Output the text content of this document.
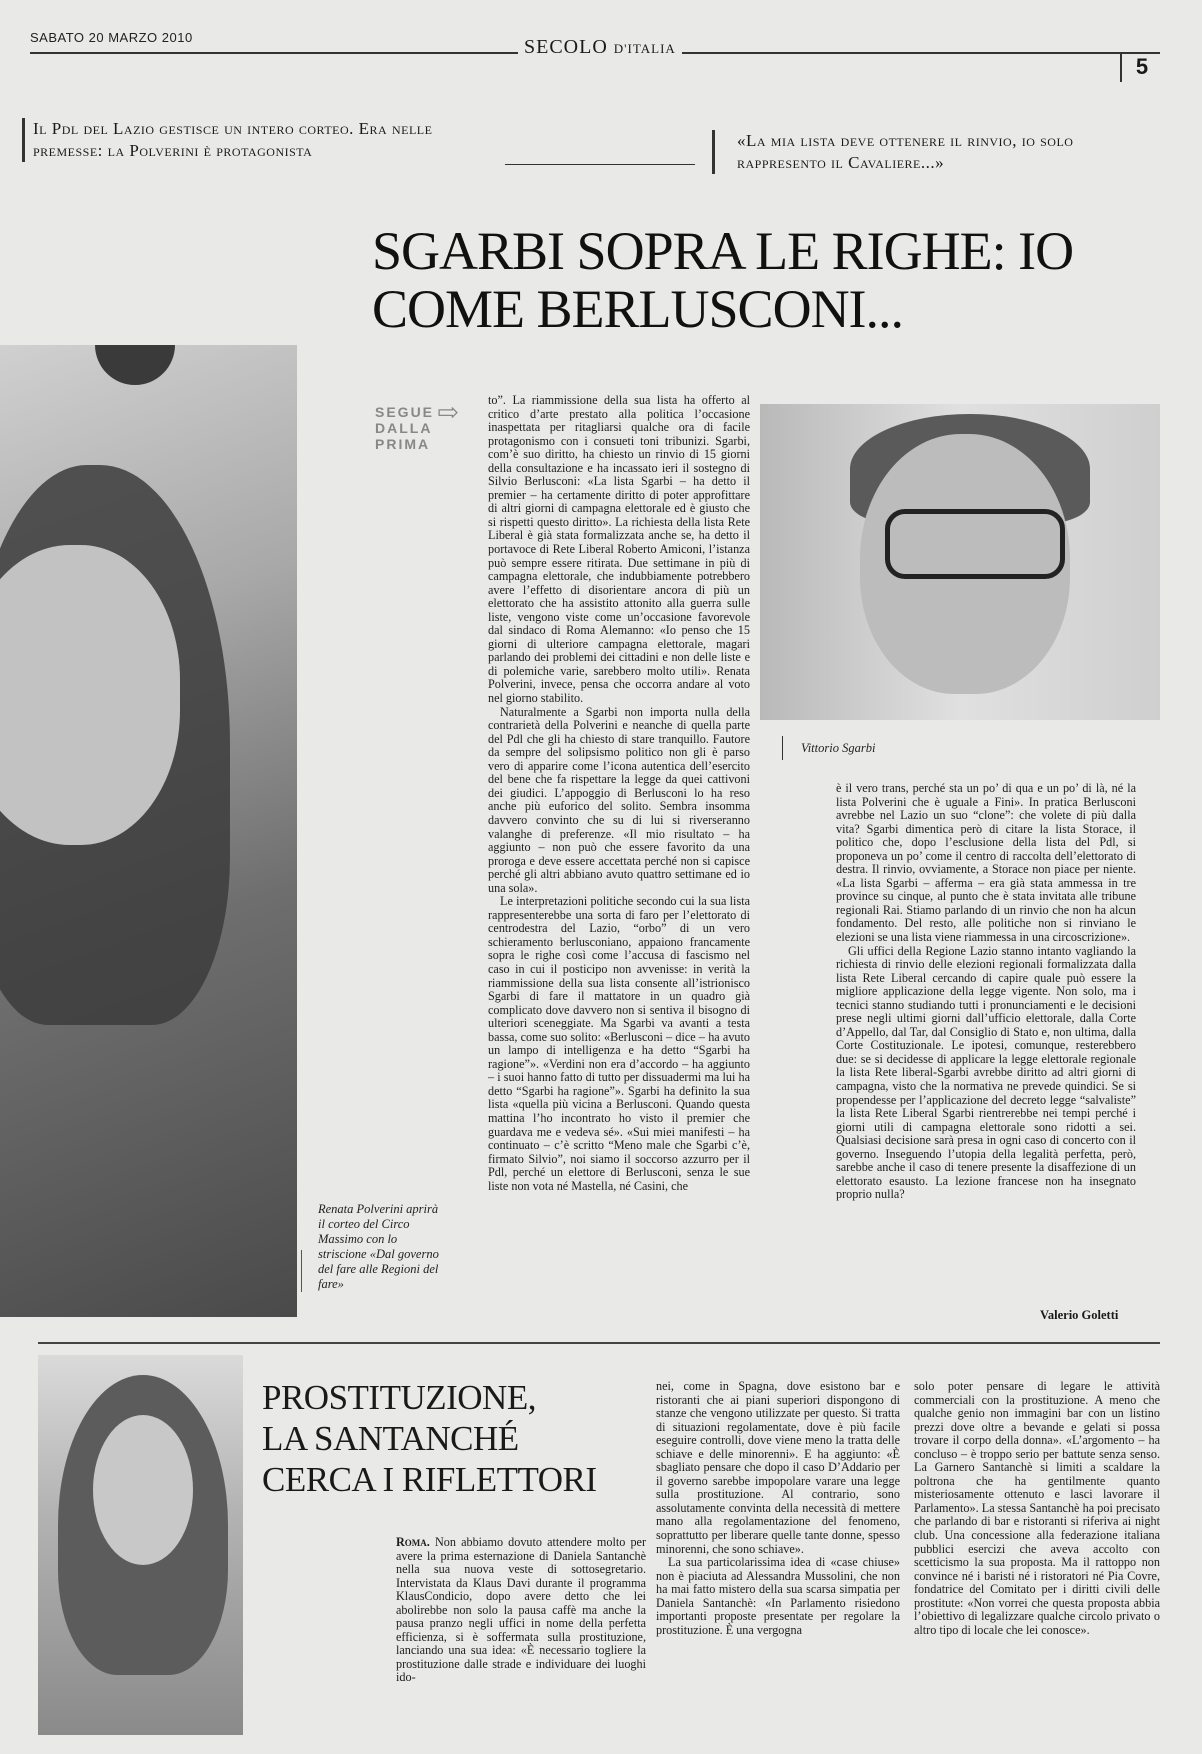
SABATO 20 MARZO 2010	SECOLO D'ITALIA
5
Il Pdl del Lazio gestisce un intero corteo. Era nelle premesse: la Polverini è protagonista
«La mia lista deve ottenere il rinvio, io solo rappresento il Cavaliere...»
SGARBI SOPRA LE RIGHE: IO COME BERLUSCONI...
Renata Polverini aprirà il corteo del Circo Massimo con lo striscione «Dal governo del fare alle Regioni del fare»
Vittorio Sgarbi
SEGUE
DALLA
PRIMA
⇨ to”. La riammissione della sua lista ha offerto al critico d’arte prestato alla politica l’occasione inaspettata per ritagliarsi qualche ora di facile protagonismo con i consueti toni tribunizi. Sgarbi, com’è suo diritto, ha chiesto un rinvio di 15 giorni della consultazione e ha incassato ieri il sostegno di Silvio Berlusconi: «La lista Sgarbi – ha detto il premier – ha certamente diritto di poter approfittare di altri giorni di campagna elettorale ed è giusto che si rispetti questo diritto». La richiesta della lista Rete Liberal è già stata formalizzata anche se, ha detto il portavoce di Rete Liberal Roberto Amiconi, l’istanza può sempre essere ritirata. Due settimane in più di campagna elettorale, che indubbiamente potrebbero avere l’effetto di disorientare ancora di più un elettorato che ha assistito attonito alla guerra sulle liste, vengono viste come un’occasione favorevole dal sindaco di Roma Alemanno: «Io penso che 15 giorni di ulteriore campagna elettorale, magari parlando dei problemi dei cittadini e non delle liste e di polemiche varie, sarebbero molto utili». Renata Polverini, invece, pensa che occorra andare al voto nel giorno stabilito.

Naturalmente a Sgarbi non importa nulla della contrarietà della Polverini e neanche di quella parte del Pdl che gli ha chiesto di stare tranquillo. Fautore da sempre del solipsismo politico non gli è parso vero di apparire come l’icona autentica dell’esercito del bene che fa rispettare la legge da quei cattivoni dei giudici. L’appoggio di Berlusconi lo ha reso anche più euforico del solito. Sembra insomma davvero convinto che su di lui si riverseranno valanghe di preferenze. «Il mio risultato – ha aggiunto – non può che essere favorito da una proroga e deve essere accettata perché non si capisce perché gli altri abbiano avuto quattro settimane ed io una sola».

Le interpretazioni politiche secondo cui la sua lista rappresenterebbe una sorta di faro per l’elettorato di centrodestra del Lazio, “orbo” di un vero schieramento berlusconiano, appaiono francamente sopra le righe così come l’accusa di fascismo nel caso in cui il posticipo non avvenisse: in verità la riammissione della sua lista consente all’istrionisco Sgarbi di fare il mattatore in un quadro già complicato dove davvero non si sentiva il bisogno di ulteriori sceneggiate. Ma Sgarbi va avanti a testa bassa, come suo solito: «Berlusconi – dice – ha avuto un lampo di intelligenza e ha detto “Sgarbi ha ragione”». «Verdini non era d’accordo – ha aggiunto – i suoi hanno fatto di tutto per dissuadermi ma lui ha detto “Sgarbi ha ragione”». Sgarbi ha definito la sua lista «quella più vicina a Berlusconi. Quando questa mattina l’ho incontrato ho visto il premier che guardava me e vedeva sé». «Sui miei manifesti – ha continuato – c’è scritto “Meno male che Sgarbi c’è, firmato Silvio”, noi siamo il soccorso azzurro per il Pdl, perché un elettore di Berlusconi, senza le sue liste non vota né Mastella, né Casini, che

è il vero trans, perché sta un po’ di qua e un po’ di là, né la lista Polverini che è uguale a Fini». In pratica Berlusconi avrebbe nel Lazio un suo “clone”: che volete di più dalla vita? Sgarbi dimentica però di citare la lista Storace, il politico che, dopo l’esclusione della lista del Pdl, si proponeva un po’ come il centro di raccolta dell’elettorato di destra. Il rinvio, ovviamente, a Storace non piace per niente. «La lista Sgarbi – afferma – era già stata ammessa in tre province su cinque, al punto che è stata invitata alle tribune regionali Rai. Stiamo parlando di un rinvio che non ha alcun fondamento. Del resto, alle politiche non si rinviano le elezioni se una lista viene riammessa in una circoscrizione».

Gli uffici della Regione Lazio stanno intanto vagliando la richiesta di rinvio delle elezioni regionali formalizzata dalla lista Rete Liberal cercando di capire quale può essere la migliore applicazione della legge vigente. Non solo, ma i tecnici stanno studiando tutti i pronunciamenti e le decisioni prese negli ultimi giorni dall’ufficio elettorale, dalla Corte d’Appello, dal Tar, dal Consiglio di Stato e, non ultima, dalla Corte Costituzionale. Le ipotesi, comunque, resterebbero due: se si decidesse di applicare la legge elettorale regionale la lista Rete liberal-Sgarbi avrebbe diritto ad altri giorni di campagna, visto che la normativa ne prevede quindici. Se si propendesse per l’applicazione del decreto legge “salvaliste” la lista Rete Liberal Sgarbi rientrerebbe nei tempi perché i giorni utili di campagna elettorale sono ridotti a sei. Qualsiasi decisione sarà presa in ogni caso di concerto con il governo. Inseguendo l’utopia della legalità perfetta, però, sarebbe anche il caso di tenere presente la disaffezione di un elettorato esausto. La lezione francese non ha insegnato proprio nulla?

Valerio Goletti
PROSTITUZIONE,
LA SANTANCHÉ
CERCA I RIFLETTORI

Roma. Non abbiamo dovuto attendere molto per avere la prima esternazione di Daniela Santanchè nella sua nuova veste di sottosegretario. Intervistata da Klaus Davi durante il programma KlausCondicio, dopo avere detto che lei abolirebbe non solo la pausa caffè ma anche la pausa pranzo negli uffici in nome della perfetta efficienza, si è soffermata sulla prostituzione, lanciando una sua idea: «È necessario togliere la prostituzione dalle strade e individuare dei luoghi ido-

nei, come in Spagna, dove esistono bar e ristoranti che ai piani superiori dispongono di stanze che vengono utilizzate per questo. Si tratta di situazioni regolamentate, dove è più facile eseguire controlli, dove viene meno la tratta delle schiave e delle minorenni». E ha aggiunto: «È sbagliato pensare che dopo il caso D’Addario per il governo sarebbe impopolare varare una legge sulla prostituzione. Al contrario, sono assolutamente convinta della necessità di mettere mano alla regolamentazione del fenomeno, soprattutto per liberare quelle tante donne, spesso minorenni, che sono schiave».

La sua particolarissima idea di «case chiuse» non è piaciuta ad Alessandra Mussolini, che non ha mai fatto mistero della sua scarsa simpatia per Daniela Santanchè: «In Parlamento risiedono importanti proposte presentate per regolare la prostituzione. È una vergogna

solo poter pensare di legare le attività commerciali con la prostituzione. A meno che qualche genio non immagini bar con un listino prezzi dove oltre a bevande e gelati si possa trovare il corpo della donna». «L’argomento – ha concluso – è troppo serio per battute senza senso. La Garnero Santanchè si limiti a scaldare la poltrona che ha gentilmente quanto misteriosamente ottenuto e lasci lavorare il Parlamento». La stessa Santanchè ha poi precisato che parlando di bar e ristoranti si riferiva ai night club. Una concessione alla federazione italiana pubblici esercizi che aveva accolto con scetticismo la sua proposta. Ma il rattoppo non convince né i baristi né i ristoratori né Pia Covre, fondatrice del Comitato per i diritti civili delle prostitute: «Non vorrei che questa proposta abbia l’obiettivo di legalizzare qualche circolo privato o altro tipo di locale che lei conosce».
